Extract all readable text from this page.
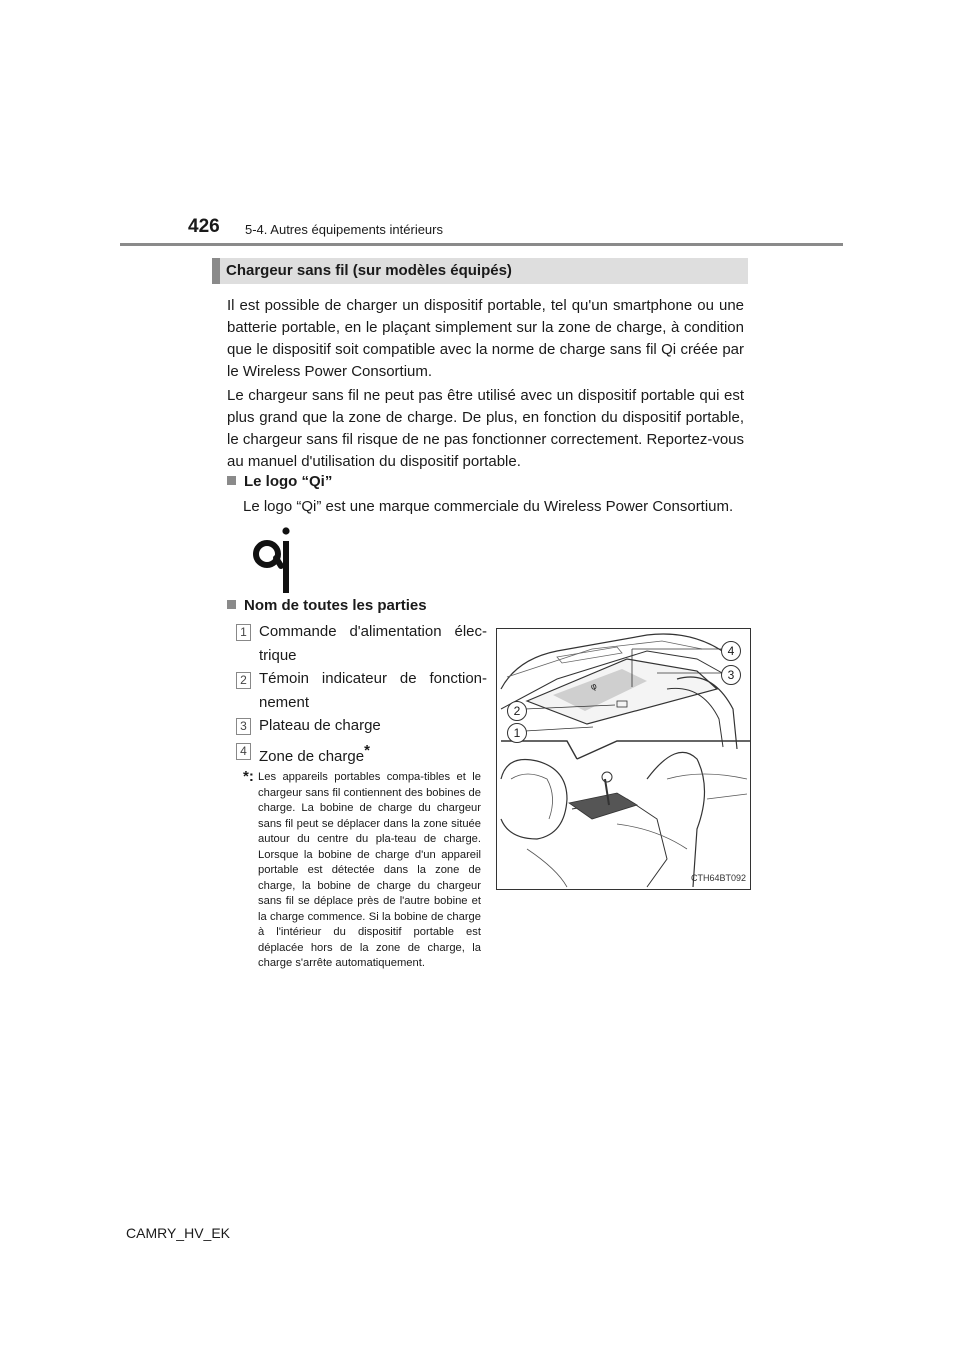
426 5-4. Autres équipements intérieurs
Chargeur sans fil (sur modèles équipés)

Il est possible de charger un dispositif portable, tel qu'un smartphone ou une batterie portable, en le plaçant simplement sur la zone de charge, à condition que le dispositif soit compatible avec la norme de charge sans fil Qi créée par le Wireless Power Consortium.

Le chargeur sans fil ne peut pas être utilisé avec un dispositif portable qui est plus grand que la zone de charge. De plus, en fonction du dispositif portable, le chargeur sans fil risque de ne pas fonctionner correctement. Reportez-vous au manuel d'utilisation du dispositif portable.

Le logo “Qi”

Le logo “Qi” est une marque commerciale du Wireless Power Consortium.

Nom de toutes les parties
1 Commande d'alimentation élec-trique
2 Témoin indicateur de fonction-nement
3 Plateau de charge
4 Zone de charge*
*: Les appareils portables compa-tibles et le chargeur sans fil contiennent des bobines de charge. La bobine de charge du chargeur sans fil peut se déplacer dans la zone située autour du centre du pla-teau de charge. Lorsque la bobine de charge d'un appareil portable est détectée dans la zone de charge, la bobine de charge du chargeur sans fil se déplace près de l'autre bobine et la charge commence. Si la bobine de charge à l'intérieur du dispositif portable est déplacée hors de la zone de charge, la charge s'arrête automatiquement.

ᵠ
4
3
2
1
CTH64BT092
CAMRY_HV_EK
